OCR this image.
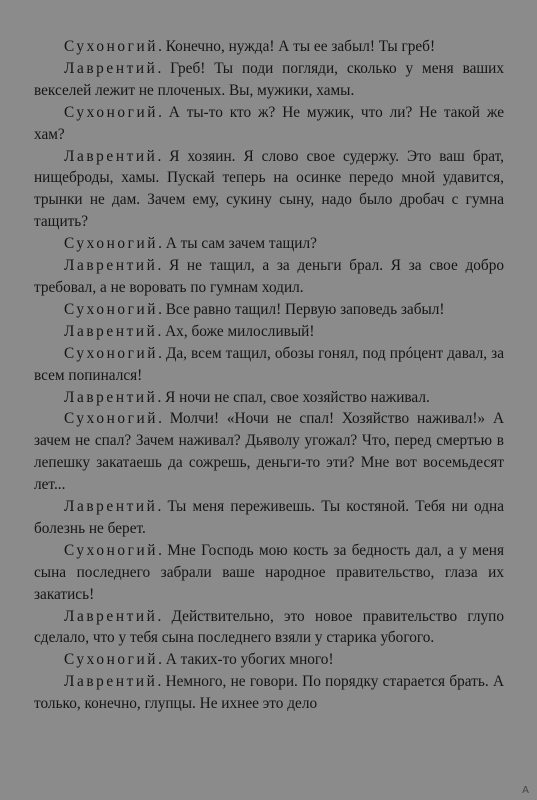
Сухоногий. Конечно, нужда! А ты ее забыл! Ты греб!

Лаврентий. Греб! Ты поди погляди, сколько у меня ваших векселей лежит не плоченых. Вы, мужики, хамы.

Сухоногий. А ты-то кто ж? Не мужик, что ли? Не такой же хам?

Лаврентий. Я хозяин. Я слово свое судержу. Это ваш брат, нищеброды, хамы. Пускай теперь на осинке передо мной удавится, трынки не дам. Зачем ему, сукину сыну, надо было дробач с гумна тащить?

Сухоногий. А ты сам зачем тащил?

Лаврентий. Я не тащил, а за деньги брал. Я за свое добро требовал, а не воровать по гумнам ходил.

Сухоногий. Все равно тащил! Первую заповедь забыл!

Лаврентий. Ах, боже милосливый!

Сухоногий. Да, всем тащил, обозы гонял, под прóцент давал, за всем попинался!

Лаврентий. Я ночи не спал, свое хозяйство наживал.

Сухоногий. Молчи! «Ночи не спал! Хозяйство наживал!» А зачем не спал? Зачем наживал? Дьяволу угожал? Что, перед смертью в лепешку закатаешь да сожрешь, деньги-то эти? Мне вот восемьдесят лет...

Лаврентий. Ты меня переживешь. Ты костяной. Тебя ни одна болезнь не берет.

Сухоногий. Мне Господь мою кость за бедность дал, а у меня сына последнего забрали ваше народное правительство, глаза их закатись!

Лаврентий. Действительно, это новое правительство глупо сделало, что у тебя сына последнего взяли у старика убогого.

Сухоногий. А таких-то убогих много!

Лаврентий. Немного, не говори. По порядку старается брать. А только, конечно, глупцы. Не ихнее это дело

A
